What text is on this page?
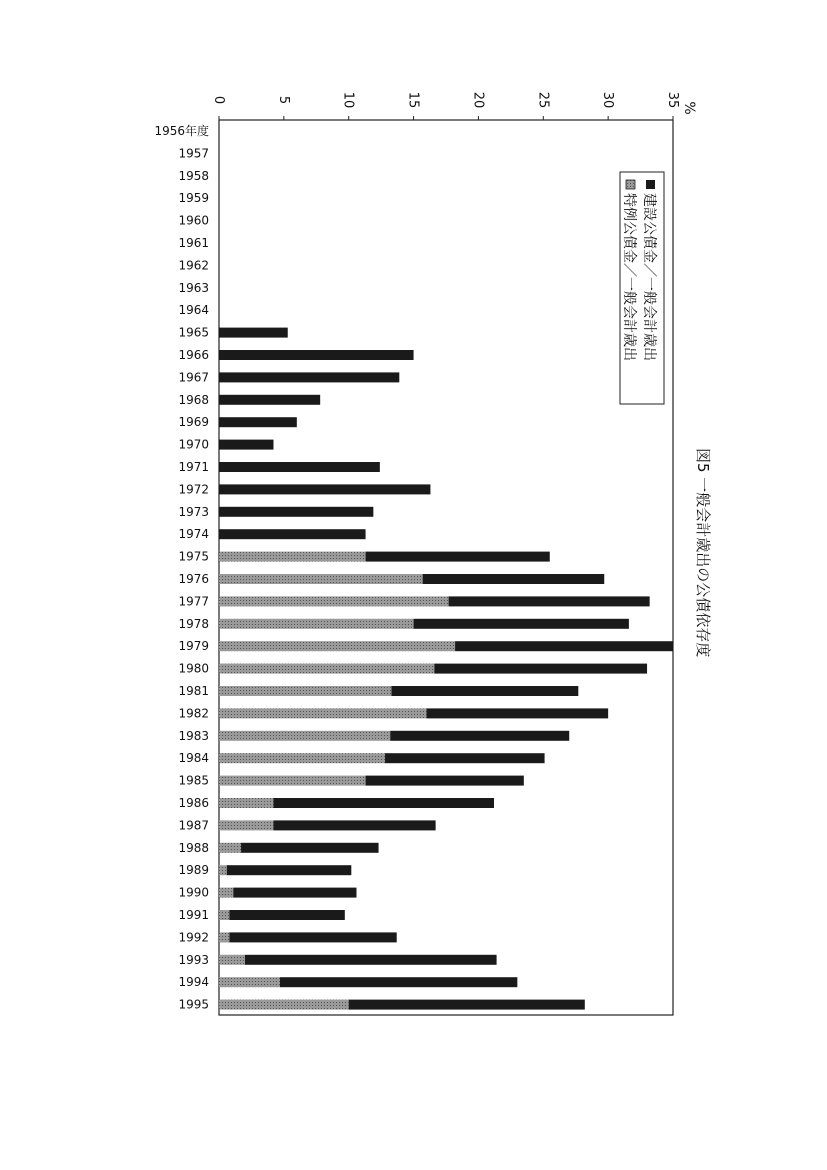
0	5	10	15	20	25	30	35
1956年度
1957
1958
1959
1960
1961
1962
1963
1964
1965
1966
1967
1968
1969
1970
1971
1972
1973
1974
1975
1976
1977
1978
1979
1980
1981
1982
1983
1984
1985
1986
1987
1988
1989
1990
1991
1992
1993
1994
1995
%
建設公債金／一般会計歳出
特例公債金／一般会計歳出
図5 一般会計歳出の公債依存度
